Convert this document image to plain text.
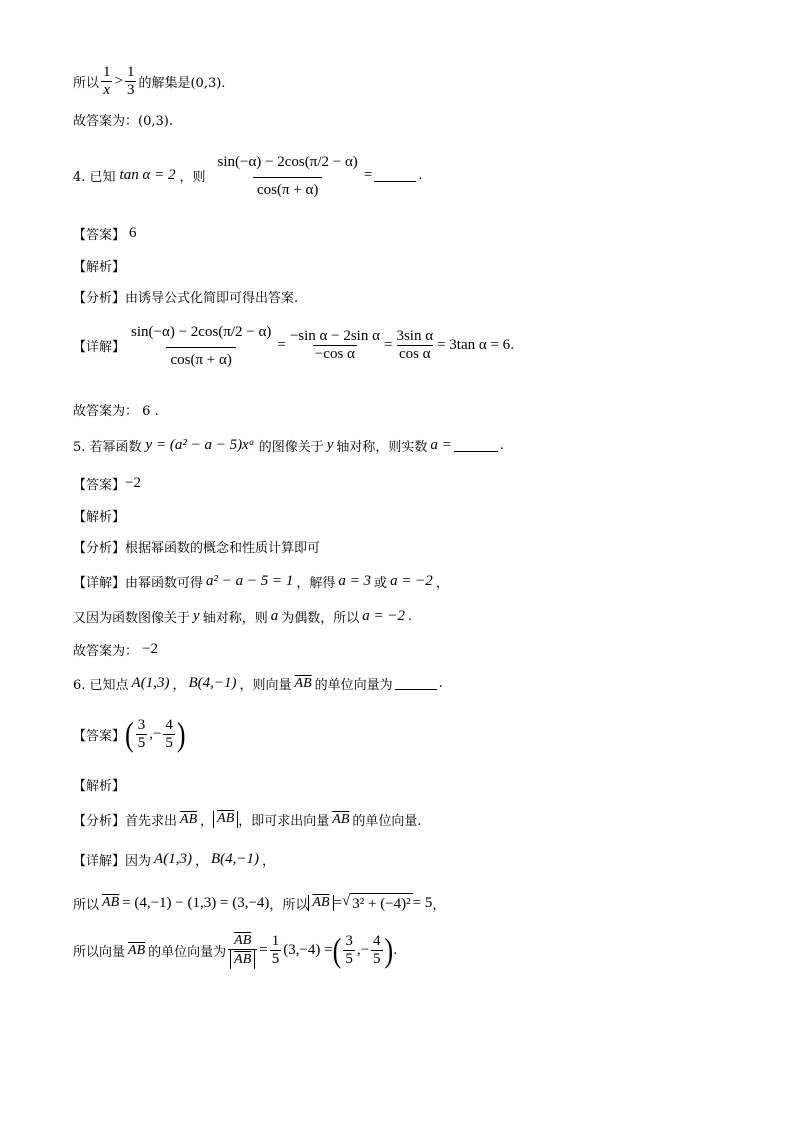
所以 $\frac{1}{x} > \frac{1}{3}$ 的解集是(0,3).
故答案为：(0,3).
4. 已知 tan α = 2 ，则 $\frac{\sin(-\alpha) - 2\cos(\pi/2 - \alpha)}{\cos(\pi + \alpha)}$ =	.
【答案】 6
【解析】
【分析】 由诱导公式化简即可得出答案.
【详解】 $\frac{\sin(-\alpha) - 2\cos(\pi/2 - \alpha)}{\cos(\pi + \alpha)} = \frac{\text{−sin α − 2sin α}}{\text{−cos α}} = \frac{\text{3sin α}}{\text{cos α}} = 3\tan$ α = 6 .
故答案为： 6 .
5. 若幂函数 y = (a² − a − 5)xᵃ 的图像关于 y 轴对称，则实数 a =	.
【答案】 −2
【解析】
【分析】 根据幂函数的概念和性质计算即可
【详解】 由幂函数可得 a² − a − 5 = 1 ，解得 a = 3 或 a = −2 ，
又因为函数图像关于 y 轴对称，则 a 为偶数，所以 a = −2 .
故答案为： −2
6. 已知点 A(1,3) ， B(4,−1) ，则向量 $\overline{AB}$ 的单位向量为	.
【答案】 ( $\frac{3}{5}$ ,− $\frac{4}{5}$ )
【解析】
【分析】 首先求出 $\overline{AB}$ ， $\overline{AB}$ ，即可求出向量 $\overline{AB}$ 的单位向量.
【详解】 因为 A(1,3) ， B(4,−1) ，
所以 $\overline{AB} = (4,-1) - (1,3) = (3,-4)$ ，所以 $\overline{AB}$ = √ 3² + (−4)² = 5 ，
所以向量 $\overline{AB}$ 的单位向量为 $\frac{\overline{AB}}{AB} = \frac{1}{5} (3,-4)$ = ( $\frac{3}{5}$ ,− $\frac{4}{5}$ ) .
